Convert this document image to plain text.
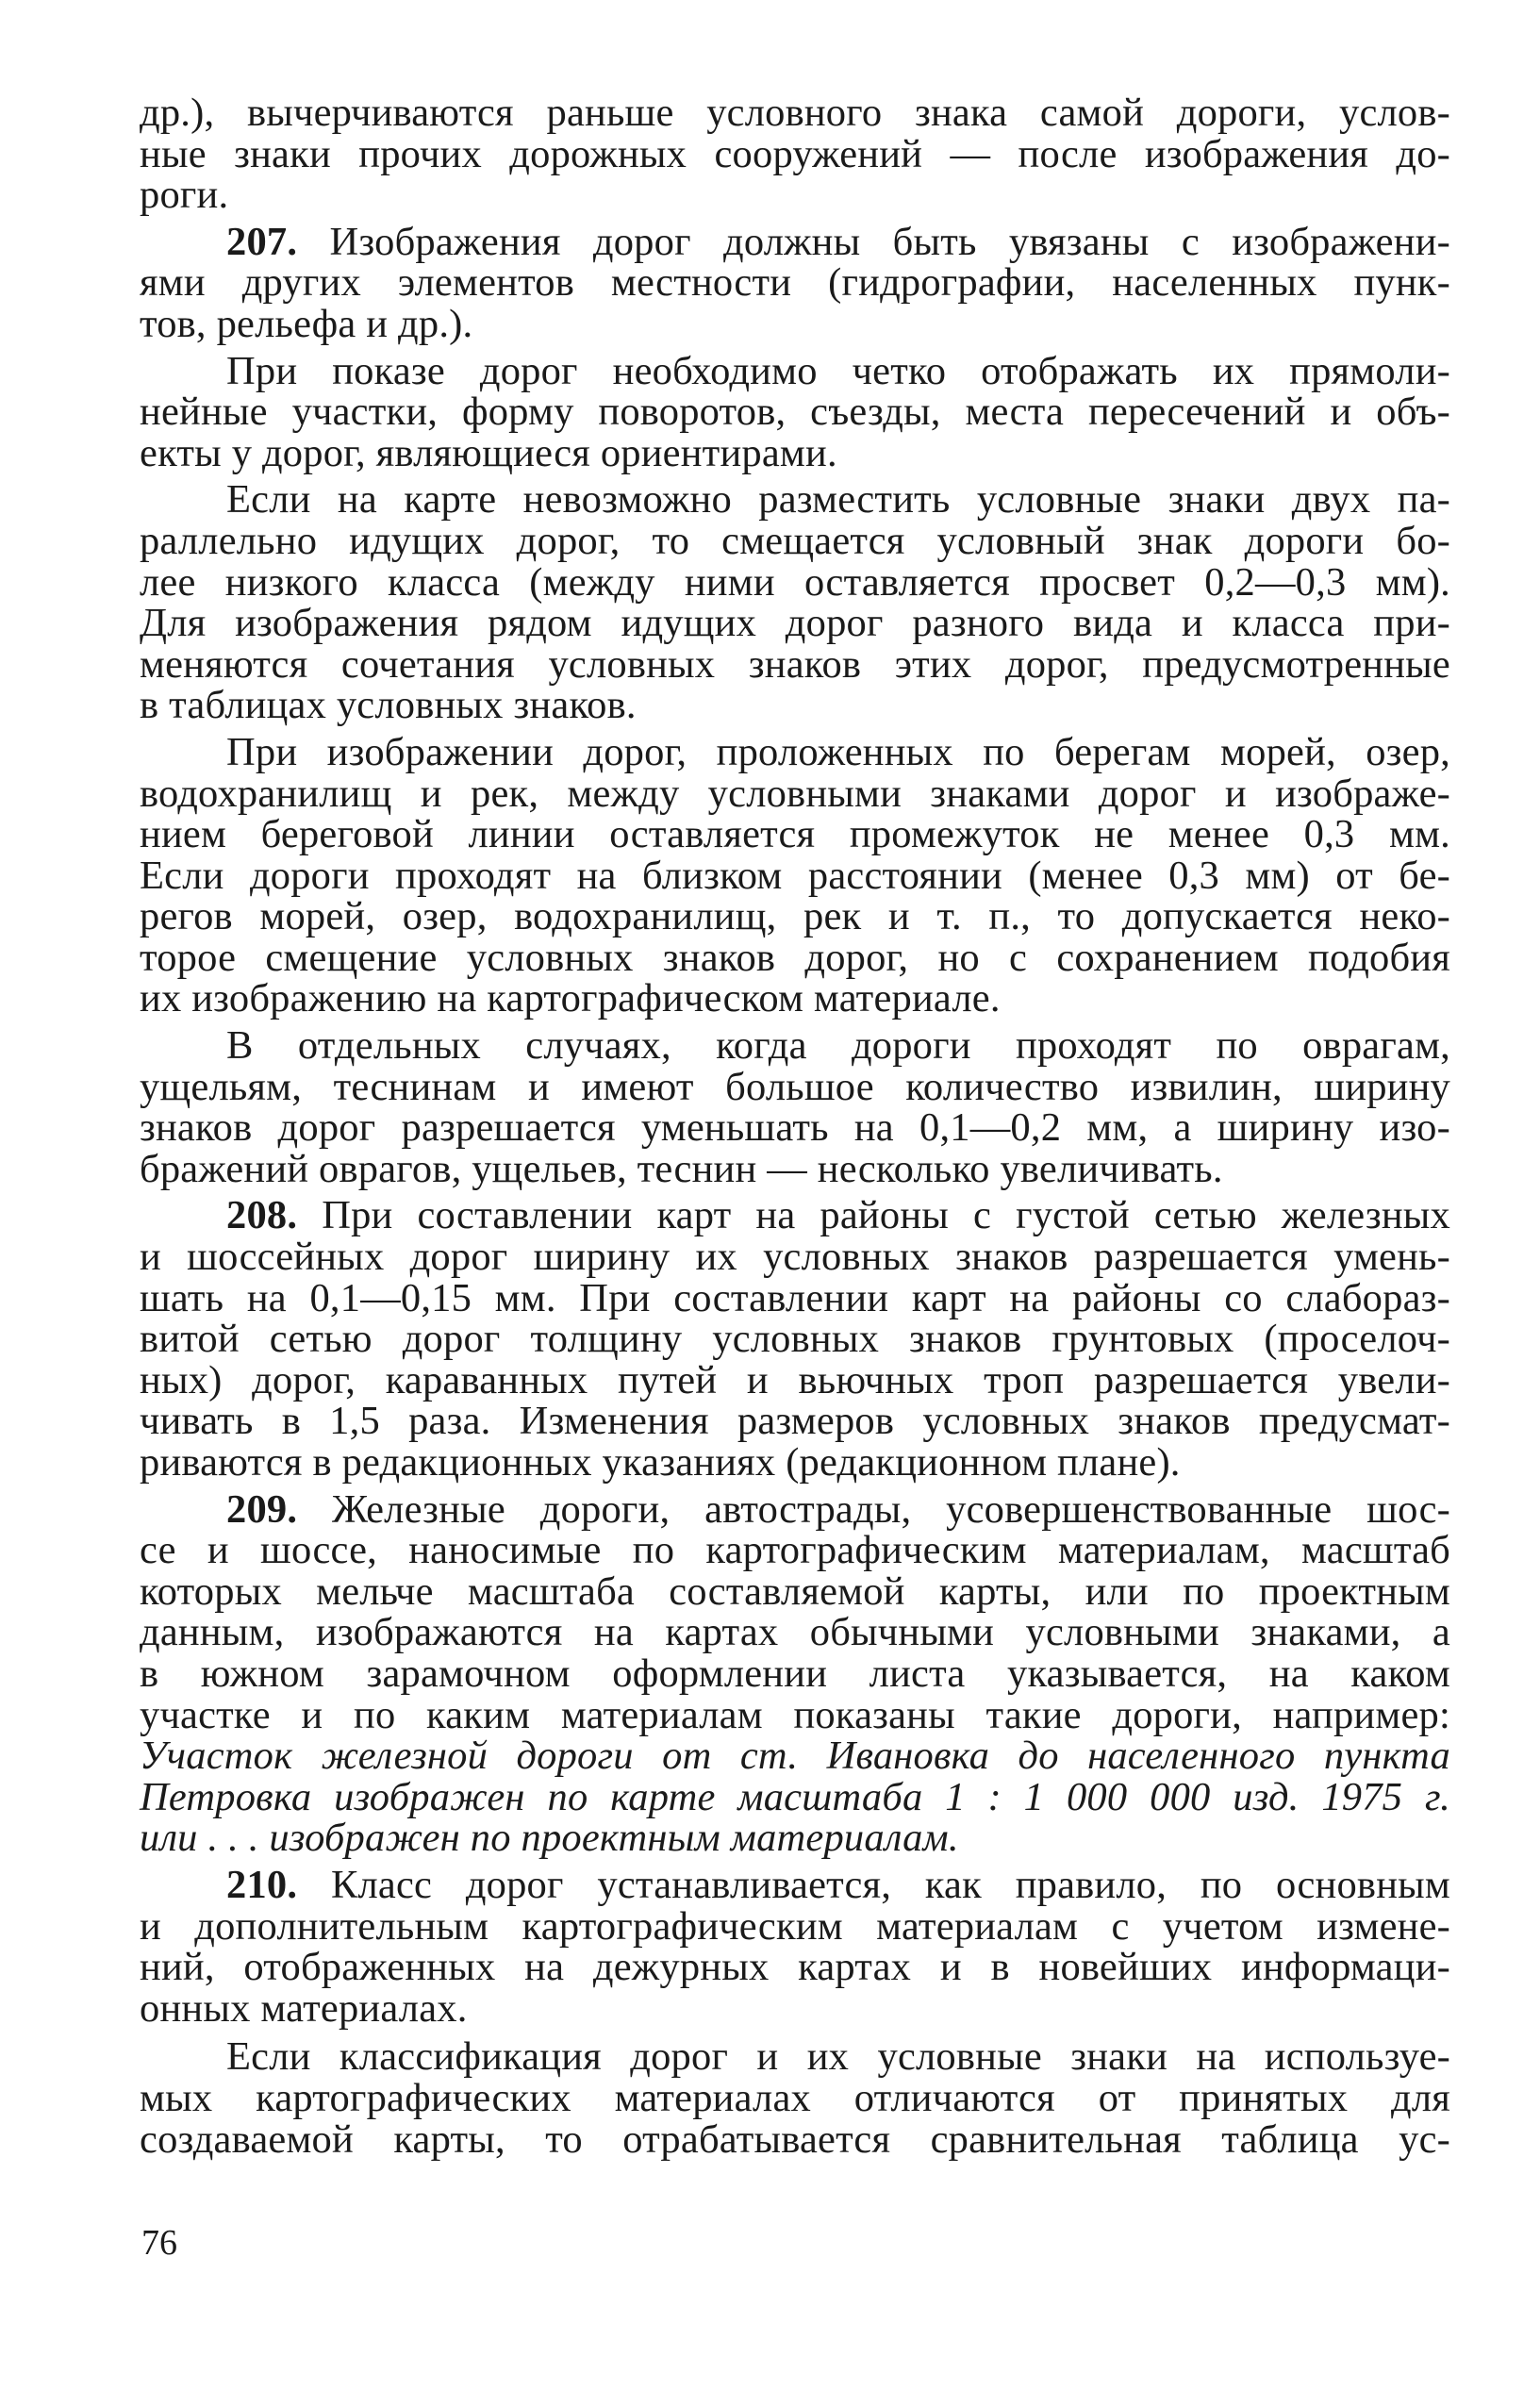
др.), вычерчиваются раньше условного знака самой дороги, услов-
ные знаки прочих дорожных сооружений — после изображения до-
роги.
207. Изображения дорог должны быть увязаны с изображени-
ями других элементов местности (гидрографии, населенных пунк-
тов, рельефа и др.).
При показе дорог необходимо четко отображать их прямоли-
нейные участки, форму поворотов, съезды, места пересечений и объ-
екты у дорог, являющиеся ориентирами.
Если на карте невозможно разместить условные знаки двух па-
раллельно идущих дорог, то смещается условный знак дороги бо-
лее низкого класса (между ними оставляется просвет 0,2—0,3 мм).
Для изображения рядом идущих дорог разного вида и класса при-
меняются сочетания условных знаков этих дорог, предусмотренные
в таблицах условных знаков.
При изображении дорог, проложенных по берегам морей, озер,
водохранилищ и рек, между условными знаками дорог и изображе-
нием береговой линии оставляется промежуток не менее 0,3 мм.
Если дороги проходят на близком расстоянии (менее 0,3 мм) от бе-
регов морей, озер, водохранилищ, рек и т. п., то допускается неко-
торое смещение условных знаков дорог, но с сохранением подобия
их изображению на картографическом материале.
В отдельных случаях, когда дороги проходят по оврагам,
ущельям, теснинам и имеют большое количество извилин, ширину
знаков дорог разрешается уменьшать на 0,1—0,2 мм, а ширину изо-
бражений оврагов, ущельев, теснин — несколько увеличивать.
208. При составлении карт на районы с густой сетью железных
и шоссейных дорог ширину их условных знаков разрешается умень-
шать на 0,1—0,15 мм. При составлении карт на районы со слабораз-
витой сетью дорог толщину условных знаков грунтовых (проселоч-
ных) дорог, караванных путей и вьючных троп разрешается увели-
чивать в 1,5 раза. Изменения размеров условных знаков предусмат-
риваются в редакционных указаниях (редакционном плане).
209. Железные дороги, автострады, усовершенствованные шос-
се и шоссе, наносимые по картографическим материалам, масштаб
которых мельче масштаба составляемой карты, или по проектным
данным, изображаются на картах обычными условными знаками, а
в южном зарамочном оформлении листа указывается, на каком
участке и по каким материалам показаны такие дороги, например:
Участок железной дороги от ст. Ивановка до населенного пункта
Петровка изображен по карте масштаба 1 : 1 000 000 изд. 1975 г.
или . . . изображен по проектным материалам.
210. Класс дорог устанавливается, как правило, по основным
и дополнительным картографическим материалам с учетом измене-
ний, отображенных на дежурных картах и в новейших информаци-
онных материалах.
Если классификация дорог и их условные знаки на используе-
мых картографических материалах отличаются от принятых для
создаваемой карты, то отрабатывается сравнительная таблица ус-
76
